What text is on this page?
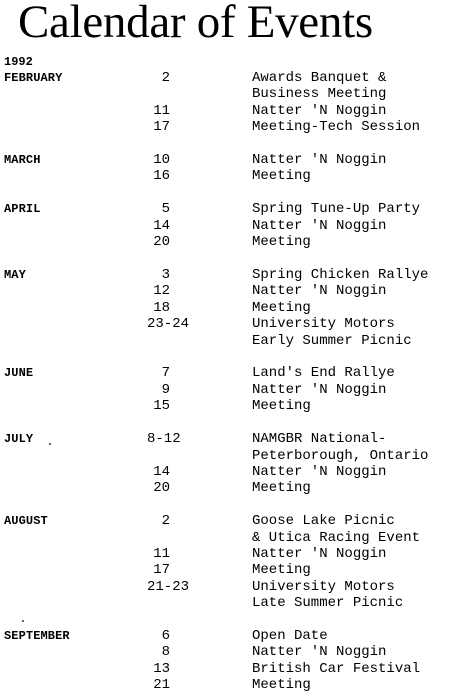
Calendar of Events
1992
FEBRUARY	2	Awards Banquet &
Business Meeting
11	Natter 'N Noggin
17	Meeting-Tech Session
MARCH	10	Natter 'N Noggin
16	Meeting
APRIL	5	Spring Tune-Up Party
14	Natter 'N Noggin
20	Meeting
MAY	3	Spring Chicken Rallye
12	Natter 'N Noggin
18	Meeting
23-24	University Motors
Early Summer Picnic
JUNE	7	Land's End Rallye
9	Natter 'N Noggin
15	Meeting
JULY	8-12	NAMGBR National-
Peterborough, Ontario
14	Natter 'N Noggin
20	Meeting
AUGUST	2	Goose Lake Picnic
& Utica Racing Event
11	Natter 'N Noggin
17	Meeting
21-23	University Motors
Late Summer Picnic
SEPTEMBER	6	Open Date
8	Natter 'N Noggin
13	British Car Festival
21	Meeting
